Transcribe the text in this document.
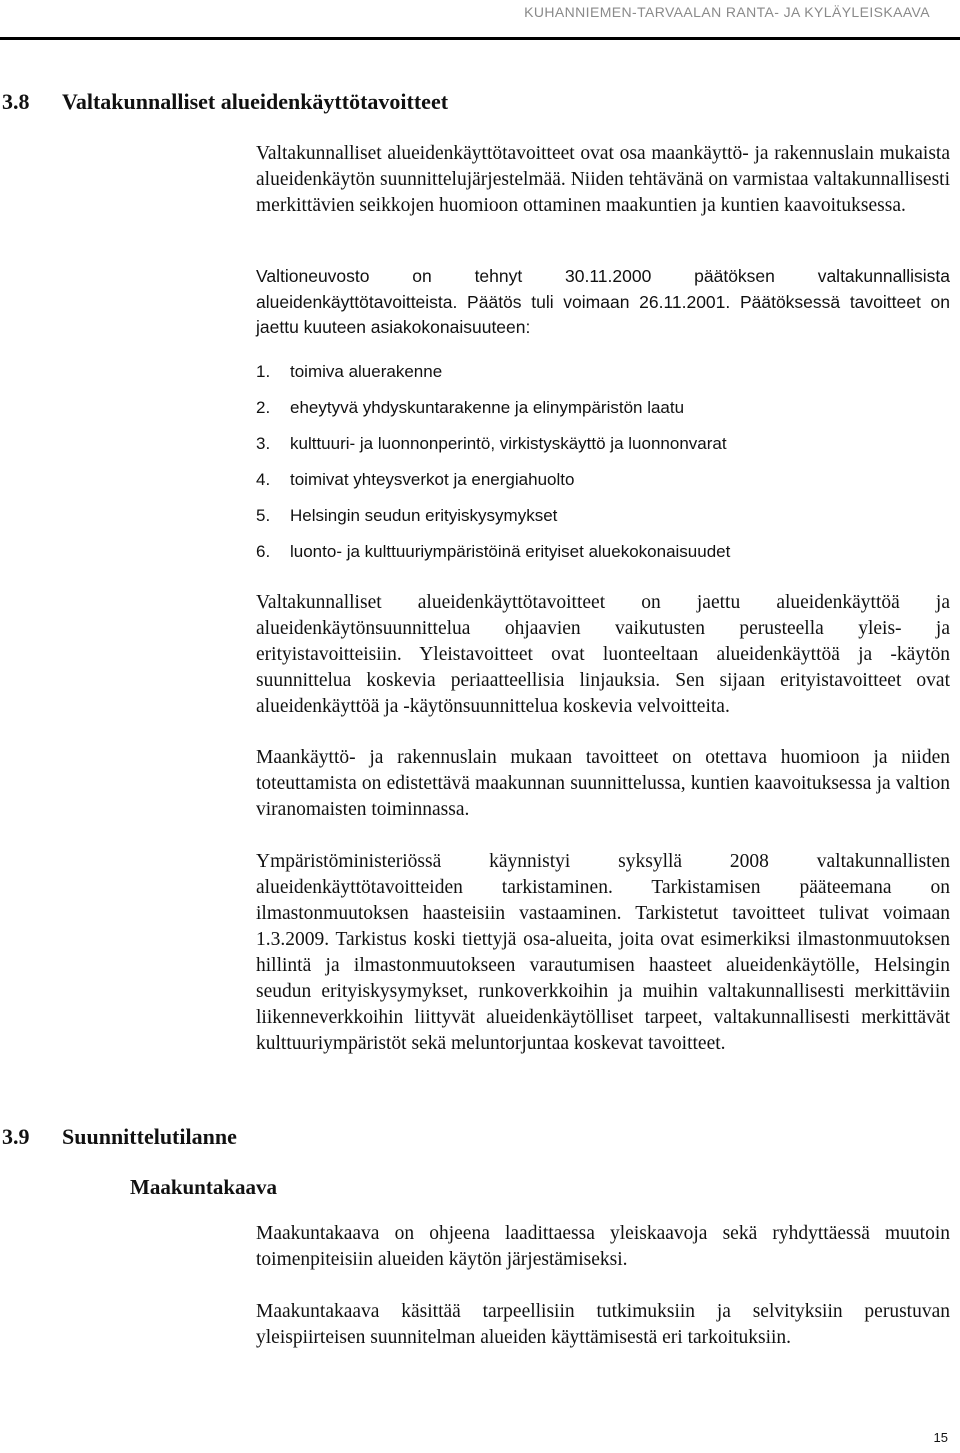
KUHANNIEMEN-TARVAALAN RANTA- JA KYLÄYLEISKAAVA
3.8 Valtakunnalliset alueidenkäyttötavoitteet

Valtakunnalliset alueidenkäyttötavoitteet ovat osa maankäyttö- ja rakennuslain mukaista alueidenkäytön suunnittelujärjestelmää. Niiden tehtävänä on varmistaa valtakunnallisesti merkittävien seikkojen huomioon ottaminen maakuntien ja kuntien kaavoituksessa.

Valtioneuvosto on tehnyt 30.11.2000 päätöksen valtakunnallisista alueidenkäyttötavoitteista. Päätös tuli voimaan 26.11.2001. Päätöksessä tavoitteet on jaettu kuuteen asiakokonaisuuteen:

1. toimiva aluerakenne
2. eheytyvä yhdyskuntarakenne ja elinympäristön laatu
3. kulttuuri- ja luonnonperintö, virkistyskäyttö ja luonnonvarat
4. toimivat yhteysverkot ja energiahuolto
5. Helsingin seudun erityiskysymykset
6. luonto- ja kulttuuriympäristöinä erityiset aluekokonaisuudet

Valtakunnalliset alueidenkäyttötavoitteet on jaettu alueidenkäyttöä ja alueidenkäytönsuunnittelua ohjaavien vaikutusten perusteella yleis- ja erityistavoitteisiin. Yleistavoitteet ovat luonteeltaan alueidenkäyttöä ja -käytön suunnittelua koskevia periaatteellisia linjauksia. Sen sijaan erityistavoitteet ovat alueidenkäyttöä ja -käytönsuunnittelua koskevia velvoitteita.

Maankäyttö- ja rakennuslain mukaan tavoitteet on otettava huomioon ja niiden toteuttamista on edistettävä maakunnan suunnittelussa, kuntien kaavoituksessa ja valtion viranomaisten toiminnassa.

Ympäristöministeriössä käynnistyi syksyllä 2008 valtakunnallisten alueidenkäyttötavoitteiden tarkistaminen. Tarkistamisen pääteemana on ilmastonmuutoksen haasteisiin vastaaminen. Tarkistetut tavoitteet tulivat voimaan 1.3.2009. Tarkistus koski tiettyjä osa-alueita, joita ovat esimerkiksi ilmastonmuutoksen hillintä ja ilmastonmuutokseen varautumisen haasteet alueidenkäytölle, Helsingin seudun erityiskysymykset, runkoverkkoihin ja muihin valtakunnallisesti merkittäviin liikenneverkkoihin liittyvät alueidenkäytölliset tarpeet, valtakunnallisesti merkittävät kulttuuriympäristöt sekä meluntorjuntaa koskevat tavoitteet.

3.9 Suunnittelutilanne
Maakuntakaava

Maakuntakaava on ohjeena laadittaessa yleiskaavoja sekä ryhdyttäessä muutoin toimenpiteisiin alueiden käytön järjestämiseksi.

Maakuntakaava käsittää tarpeellisiin tutkimuksiin ja selvityksiin perustuvan yleispiirteisen suunnitelman alueiden käyttämisestä eri tarkoituksiin.

15
